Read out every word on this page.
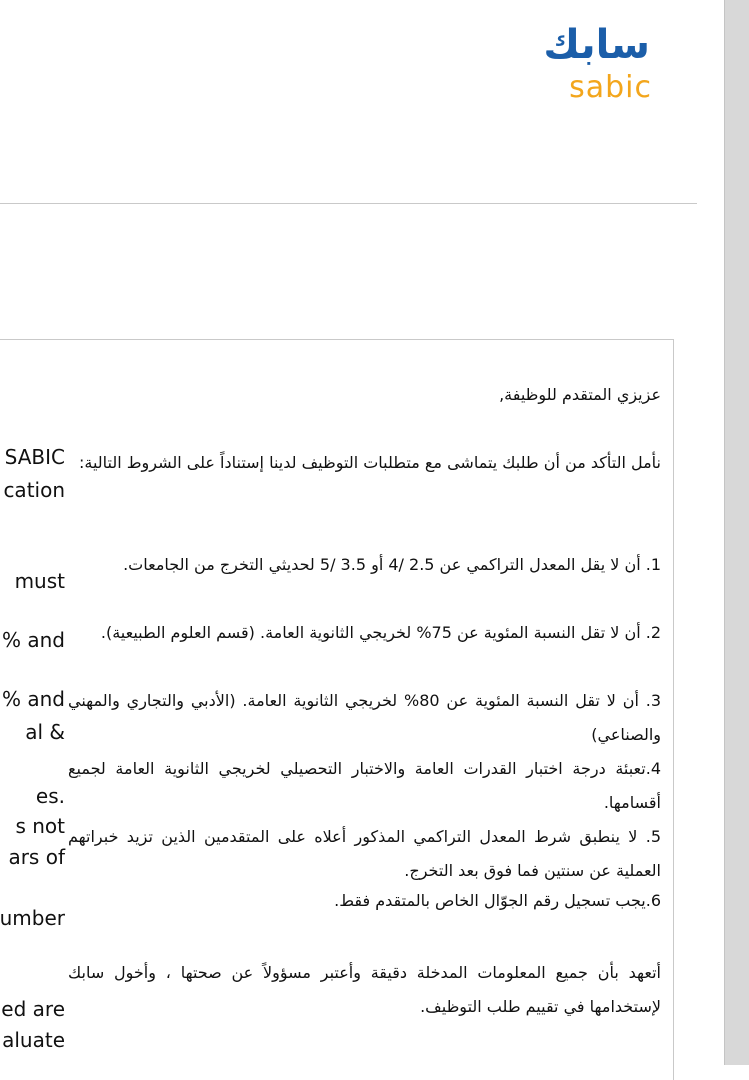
سابك
sabic
SABIC
cation
must
% and
% and
al &
es.
s not
ars of
umber
ed are
aluate
عزيزي المتقدم للوظيفة,
نأمل التأكد من أن طلبك يتماشى مع متطلبات التوظيف لدينا إستناداً على الشروط التالية:
1. أن لا يقل المعدل التراكمي عن 2.5 /4 أو 3.5 /5 لحديثي التخرج من الجامعات.
2. أن لا تقل النسبة المئوية عن 75% لخريجي الثانوية العامة. (قسم العلوم الطبيعية).
3. أن لا تقل النسبة المئوية عن 80% لخريجي الثانوية العامة. (الأدبي والتجاري والمهني والصناعي)
4.تعبئة درجة اختبار القدرات العامة والاختبار التحصيلي لخريجي الثانوية العامة لجميع أقسامها.
5. لا ينطبق شرط المعدل التراكمي المذكور أعلاه على المتقدمين الذين تزيد خبراتهم العملية عن سنتين فما فوق بعد التخرج.
6.يجب تسجيل رقم الجوّال الخاص بالمتقدم فقط.
أتعهد بأن جميع المعلومات المدخلة دقيقة وأعتبر مسؤولاً عن صحتها ، وأخول سابك لإستخدامها في تقييم طلب التوظيف.
